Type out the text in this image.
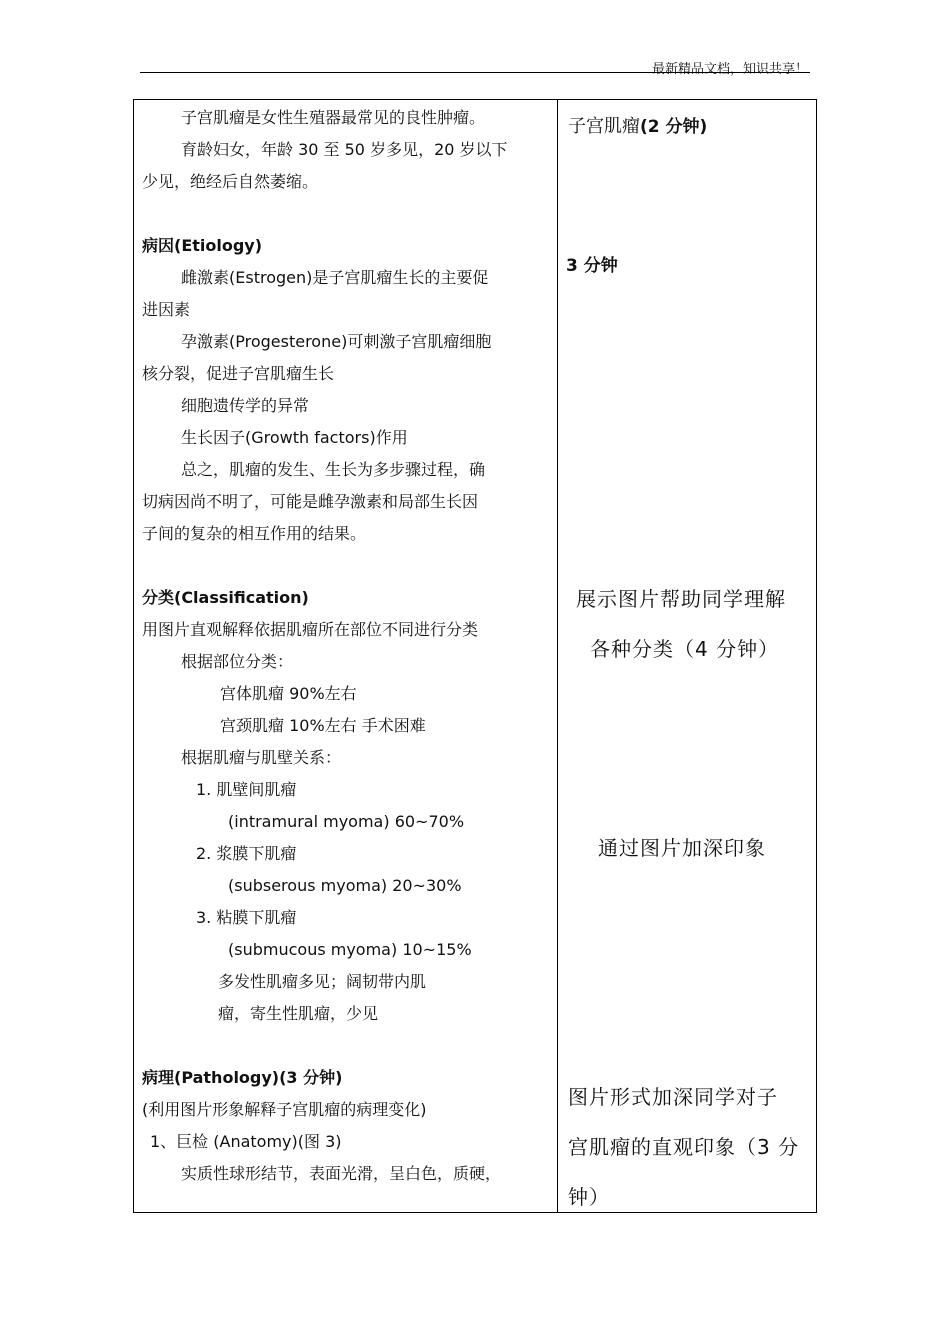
最新精品文档，知识共享！
子宫肌瘤是女性生殖器最常见的良性肿瘤。
育龄妇女，年龄 30 至 50 岁多见，20 岁以下
少见，绝经后自然萎缩。
病因(Etiology)
雌激素(Estrogen)是子宫肌瘤生长的主要促
进因素
孕激素(Progesterone)可刺激子宫肌瘤细胞
核分裂，促进子宫肌瘤生长
细胞遗传学的异常
生长因子(Growth factors)作用
总之，肌瘤的发生、生长为多步骤过程，确
切病因尚不明了，可能是雌孕激素和局部生长因
子间的复杂的相互作用的结果。
分类(Classification)
用图片直观解释依据肌瘤所在部位不同进行分类
根据部位分类：
宫体肌瘤 90%左右
宫颈肌瘤 10%左右 手术困难
根据肌瘤与肌壁关系：
1. 肌壁间肌瘤
(intramural myoma) 60~70%
2. 浆膜下肌瘤
(subserous myoma) 20~30%
3. 粘膜下肌瘤
(submucous myoma) 10~15%
多发性肌瘤多见；阔韧带内肌
瘤，寄生性肌瘤，少见
病理(Pathology)(3 分钟)
(利用图片形象解释子宫肌瘤的病理变化)
1、巨检 (Anatomy)(图 3)
实质性球形结节，表面光滑，呈白色，质硬，
子宫肌瘤(2 分钟)
3 分钟
展示图片帮助同学理解
各种分类（4 分钟）
通过图片加深印象
图片形式加深同学对子
宫肌瘤的直观印象（3 分
钟）
